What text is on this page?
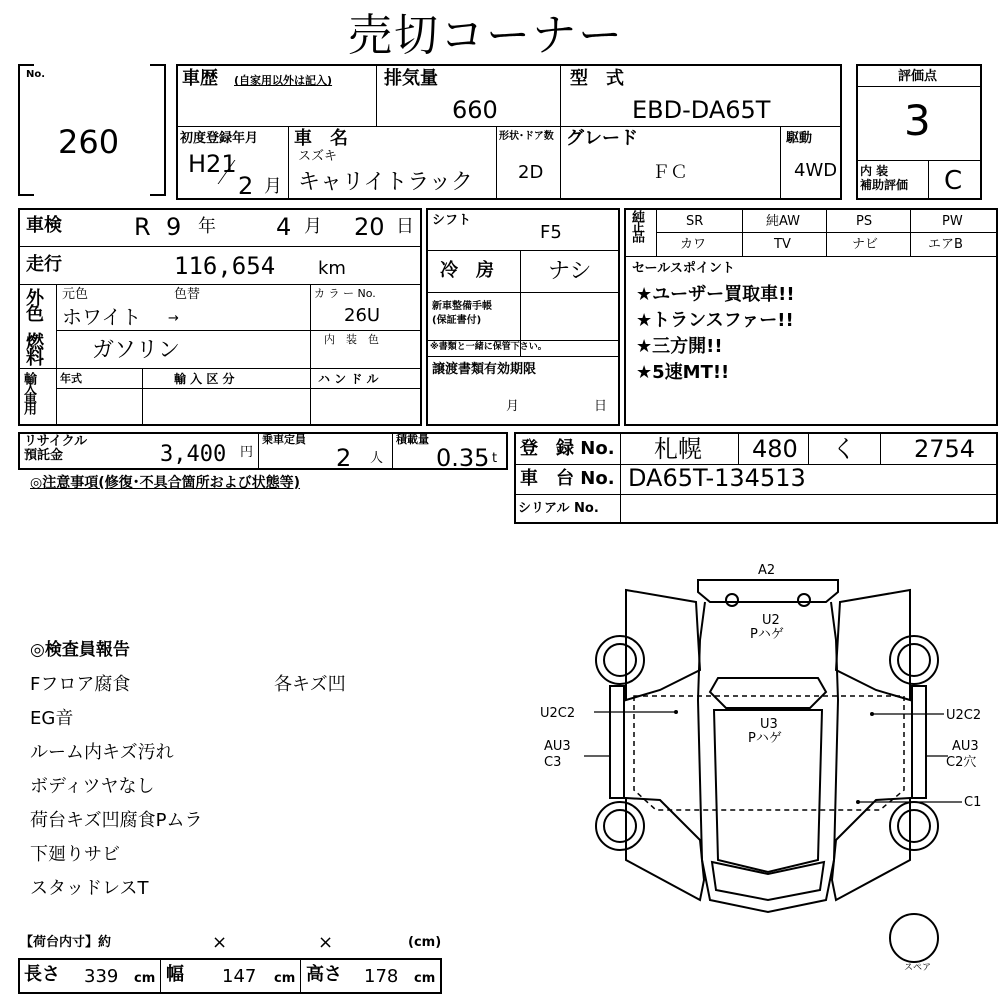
売切コーナー
No.
260
車歴 (自家用以外は記入)	排気量
660
型　式
EBD-DA65T
初度登録年月
H21
2 月
車　名
スズキ
キャリイトラック
形状･ドア数
2D
グレード
ＦＣ
駆動
4WD
評価点
3
内 装
補助評価 C
車検	R 9 年	4 月 20 日
走行	116,654 km
外色 元色	色替
ホワイト →
カ ラ ー No.
26U
内　装　色
燃料 ガソリン
輸入車用 年式	輸 入 区 分	ハ ン ド ル
シフト
F5
冷　房 ナシ
新車整備手帳
(保証書付)
※書類と一緒に保管下さい。
譲渡書類有効期限
月	日
純正品	SR	純AW	PS	PW
カワ	TV	ナビ	エアB
セールスポイント
★ユーザー買取車!!
★トランスファー!!
★三方開!!
★5速MT!!
リサイクル
預託金	3,400 円
乗車定員
2 人
積載量
0.35 t
◎注意事項(修復･不具合箇所および状態等)
登　録 No. 札幌 480 く 2754
車　台 No. DA65T-134513
シリアル No.
◎検査員報告
Fフロア腐食	各キズ凹
EG音
ルーム内キズ汚れ
ボディツヤなし
荷台キズ凹腐食Pムラ
下廻りサビ
スタッドレスT
【荷台内寸】約	×	×	(cm)
長さ 339 cm 幅 147 cm 高さ 178 cm
A2
U2
Pハゲ
U3
Pハゲ
U2C2
AU3
C3
U2C2
AU3
C2穴
C1
スペア
